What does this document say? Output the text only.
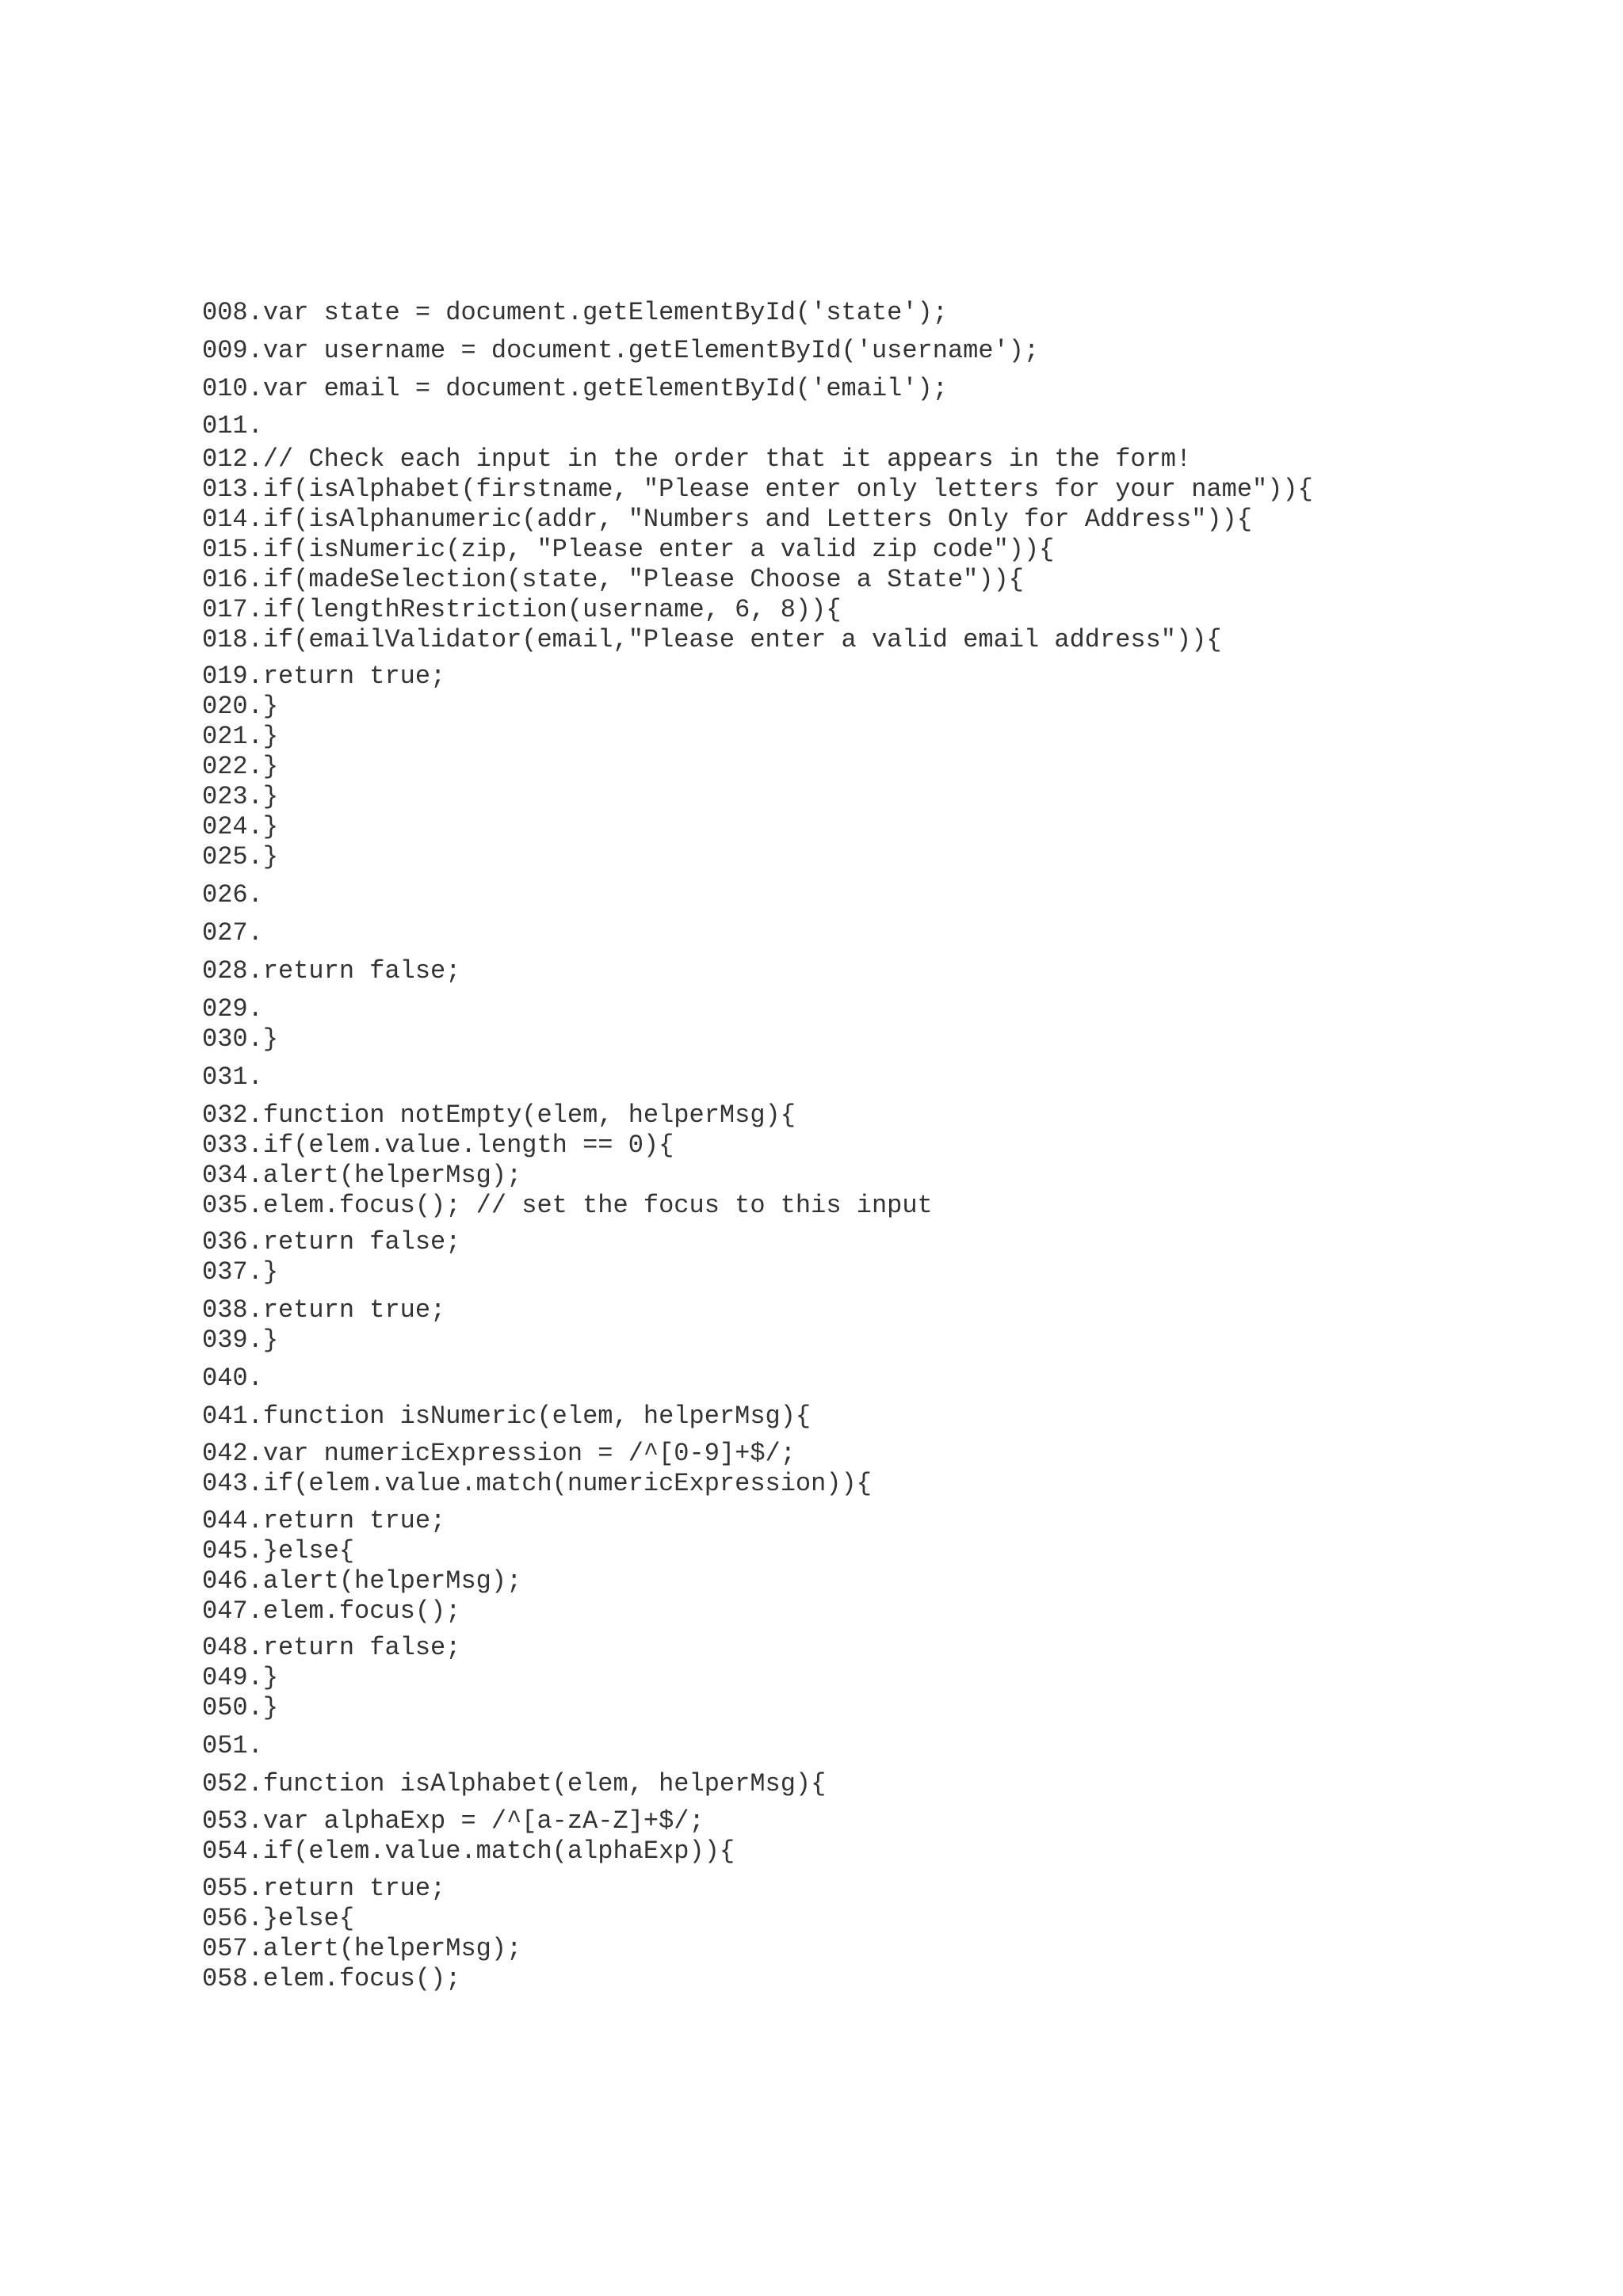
008.var state = document.getElementById('state');
009.var username = document.getElementById('username');
010.var email = document.getElementById('email');
011.
012.// Check each input in the order that it appears in the form!
013.if(isAlphabet(firstname, "Please enter only letters for your name")){
014.if(isAlphanumeric(addr, "Numbers and Letters Only for Address")){
015.if(isNumeric(zip, "Please enter a valid zip code")){
016.if(madeSelection(state, "Please Choose a State")){
017.if(lengthRestriction(username, 6, 8)){
018.if(emailValidator(email,"Please enter a valid email address")){
019.return true;
020.}
021.}
022.}
023.}
024.}
025.}
026.
027.
028.return false;
029.
030.}
031.
032.function notEmpty(elem, helperMsg){
033.if(elem.value.length == 0){
034.alert(helperMsg);
035.elem.focus(); // set the focus to this input
036.return false;
037.}
038.return true;
039.}
040.
041.function isNumeric(elem, helperMsg){
042.var numericExpression = /^[0-9]+$/;
043.if(elem.value.match(numericExpression)){
044.return true;
045.}else{
046.alert(helperMsg);
047.elem.focus();
048.return false;
049.}
050.}
051.
052.function isAlphabet(elem, helperMsg){
053.var alphaExp = /^[a-zA-Z]+$/;
054.if(elem.value.match(alphaExp)){
055.return true;
056.}else{
057.alert(helperMsg);
058.elem.focus();
